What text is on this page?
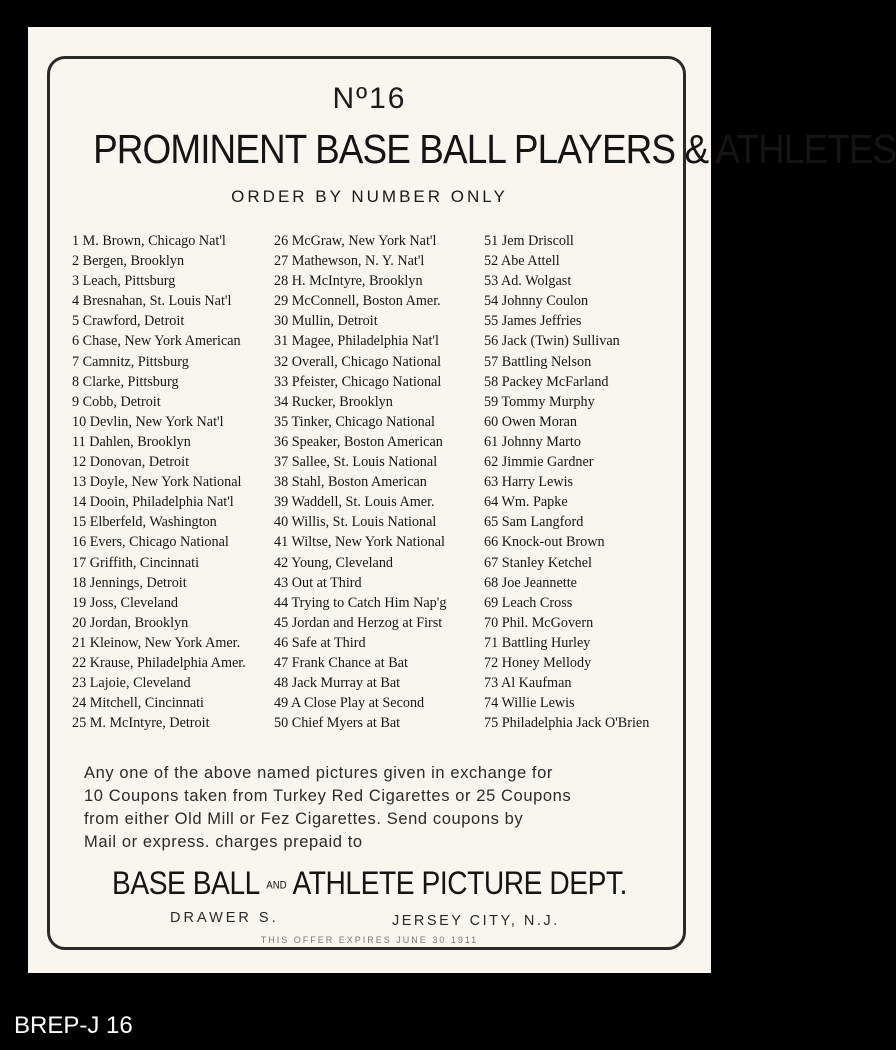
Nº16
PROMINENT BASE BALL PLAYERS & ATHLETES
ORDER BY NUMBER ONLY
1 M. Brown, Chicago Nat'l
2 Bergen, Brooklyn
3 Leach, Pittsburg
4 Bresnahan, St. Louis Nat'l
5 Crawford, Detroit
6 Chase, New York American
7 Camnitz, Pittsburg
8 Clarke, Pittsburg
9 Cobb, Detroit
10 Devlin, New York Nat'l
11 Dahlen, Brooklyn
12 Donovan, Detroit
13 Doyle, New York National
14 Dooin, Philadelphia Nat'l
15 Elberfeld, Washington
16 Evers, Chicago National
17 Griffith, Cincinnati
18 Jennings, Detroit
19 Joss, Cleveland
20 Jordan, Brooklyn
21 Kleinow, New York Amer.
22 Krause, Philadelphia Amer.
23 Lajoie, Cleveland
24 Mitchell, Cincinnati
25 M. McIntyre, Detroit
26 McGraw, New York Nat'l
27 Mathewson, N. Y. Nat'l
28 H. McIntyre, Brooklyn
29 McConnell, Boston Amer.
30 Mullin, Detroit
31 Magee, Philadelphia Nat'l
32 Overall, Chicago National
33 Pfeister, Chicago National
34 Rucker, Brooklyn
35 Tinker, Chicago National
36 Speaker, Boston American
37 Sallee, St. Louis National
38 Stahl, Boston American
39 Waddell, St. Louis Amer.
40 Willis, St. Louis National
41 Wiltse, New York National
42 Young, Cleveland
43 Out at Third
44 Trying to Catch Him Nap'g
45 Jordan and Herzog at First
46 Safe at Third
47 Frank Chance at Bat
48 Jack Murray at Bat
49 A Close Play at Second
50 Chief Myers at Bat
51 Jem Driscoll
52 Abe Attell
53 Ad. Wolgast
54 Johnny Coulon
55 James Jeffries
56 Jack (Twin) Sullivan
57 Battling Nelson
58 Packey McFarland
59 Tommy Murphy
60 Owen Moran
61 Johnny Marto
62 Jimmie Gardner
63 Harry Lewis
64 Wm. Papke
65 Sam Langford
66 Knock-out Brown
67 Stanley Ketchel
68 Joe Jeannette
69 Leach Cross
70 Phil. McGovern
71 Battling Hurley
72 Honey Mellody
73 Al Kaufman
74 Willie Lewis
75 Philadelphia Jack O'Brien

Any one of the above named pictures given in exchange for
10 Coupons taken from Turkey Red Cigarettes or 25 Coupons
from either Old Mill or Fez Cigarettes. Send coupons by
Mail or express. charges prepaid to

BASE BALL AND ATHLETE PICTURE DEPT.
DRAWER S.	JERSEY CITY, N.J.
THIS OFFER EXPIRES JUNE 30 1911
BREP-J 16
